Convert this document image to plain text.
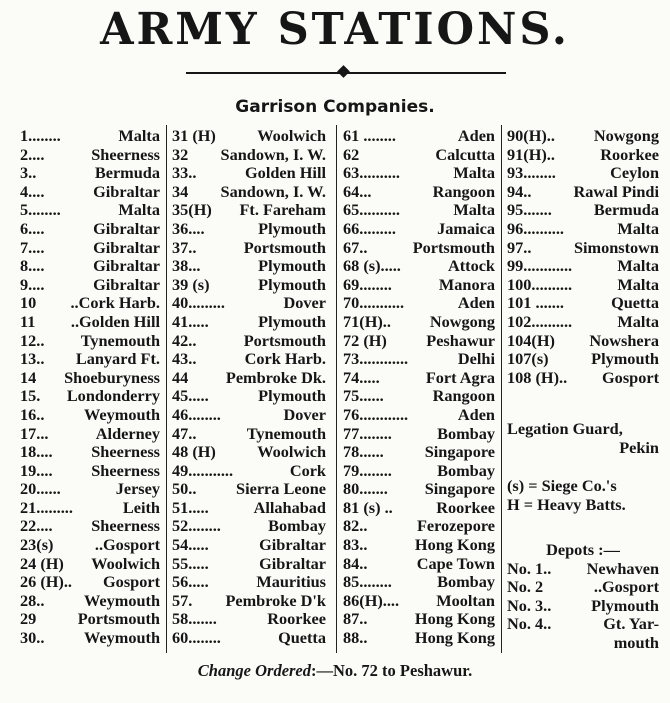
ARMY STATIONS.
Garrison Companies.
1........	Malta
2....	Sheerness
3..	Bermuda
4....	Gibraltar
5........	Malta
6....	Gibraltar
7....	Gibraltar
8....	Gibraltar
9....	Gibraltar
10 ..Cork Harb.
11 ..Golden Hill
12.. Tynemouth
13.. Lanyard Ft.
14 Shoeburyness
15. Londonderry
16.. Weymouth
17...	Alderney
18.... Sheerness
19.... Sheerness
20......	Jersey
21.........	Leith
22.... Sheerness
23(s)	..Gosport
24 (H) Woolwich
26 (H).. Gosport
28.. Weymouth
29	Portsmouth
30.. Weymouth
31 (H)	Woolwich
32 Sandown, I. W.
33..	Golden Hill
34 Sandown, I. W.
35(H) Ft. Fareham
36....	Plymouth
37..	Portsmouth
38...	Plymouth
39 (s)	Plymouth
40.........	Dover
41.....	Plymouth
42..	Portsmouth
43..	Cork Harb.
44 Pembroke Dk.
45.....	Plymouth
46........	Dover
47..	Tynemouth
48 (H)	Woolwich
49...........	Cork
50.. Sierra Leone
51.....	Allahabad
52........	Bombay
54.....	Gibraltar
55.....	Gibraltar
56.....	Mauritius
57. Pembroke D'k
58.......	Roorkee
60........	Quetta
61 ........	Aden
62	Calcutta
63..........	Malta
64...	Rangoon
65..........	Malta
66.........	Jamaica
67..	Portsmouth
68 (s).....	Attock
69........	Manora
70...........	Aden
71(H).. Nowgong
72 (H) Peshawur
73............	Delhi
74.....	Fort Agra
75......	Rangoon
76............	Aden
77........	Bombay
78......	Singapore
79........	Bombay
80....... Singapore
81 (s) ..	Roorkee
82..	Ferozepore
83..	Hong Kong
84..	Cape Town
85........	Bombay
86(H).... Mooltan
87..	Hong Kong
88..	Hong Kong
90(H).. Nowgong
91(H)..	Roorkee
93........	Ceylon
94..	Rawal Pindi
95.......	Bermuda
96..........	Malta
97..	Simonstown
99............	Malta
100..........	Malta
101 .......	Quetta
102..........	Malta
104(H) Nowshera
107(s)	Plymouth
108 (H).. Gosport
Legation Guard,
Pekin
(s) = Siege Co.'s
H = Heavy Batts.
Depots :—
No. 1.. Newhaven
No. 2	..Gosport
No. 3.. Plymouth
No. 4..	Gt. Yar-
mouth
Change Ordered:—No. 72 to Peshawur.
